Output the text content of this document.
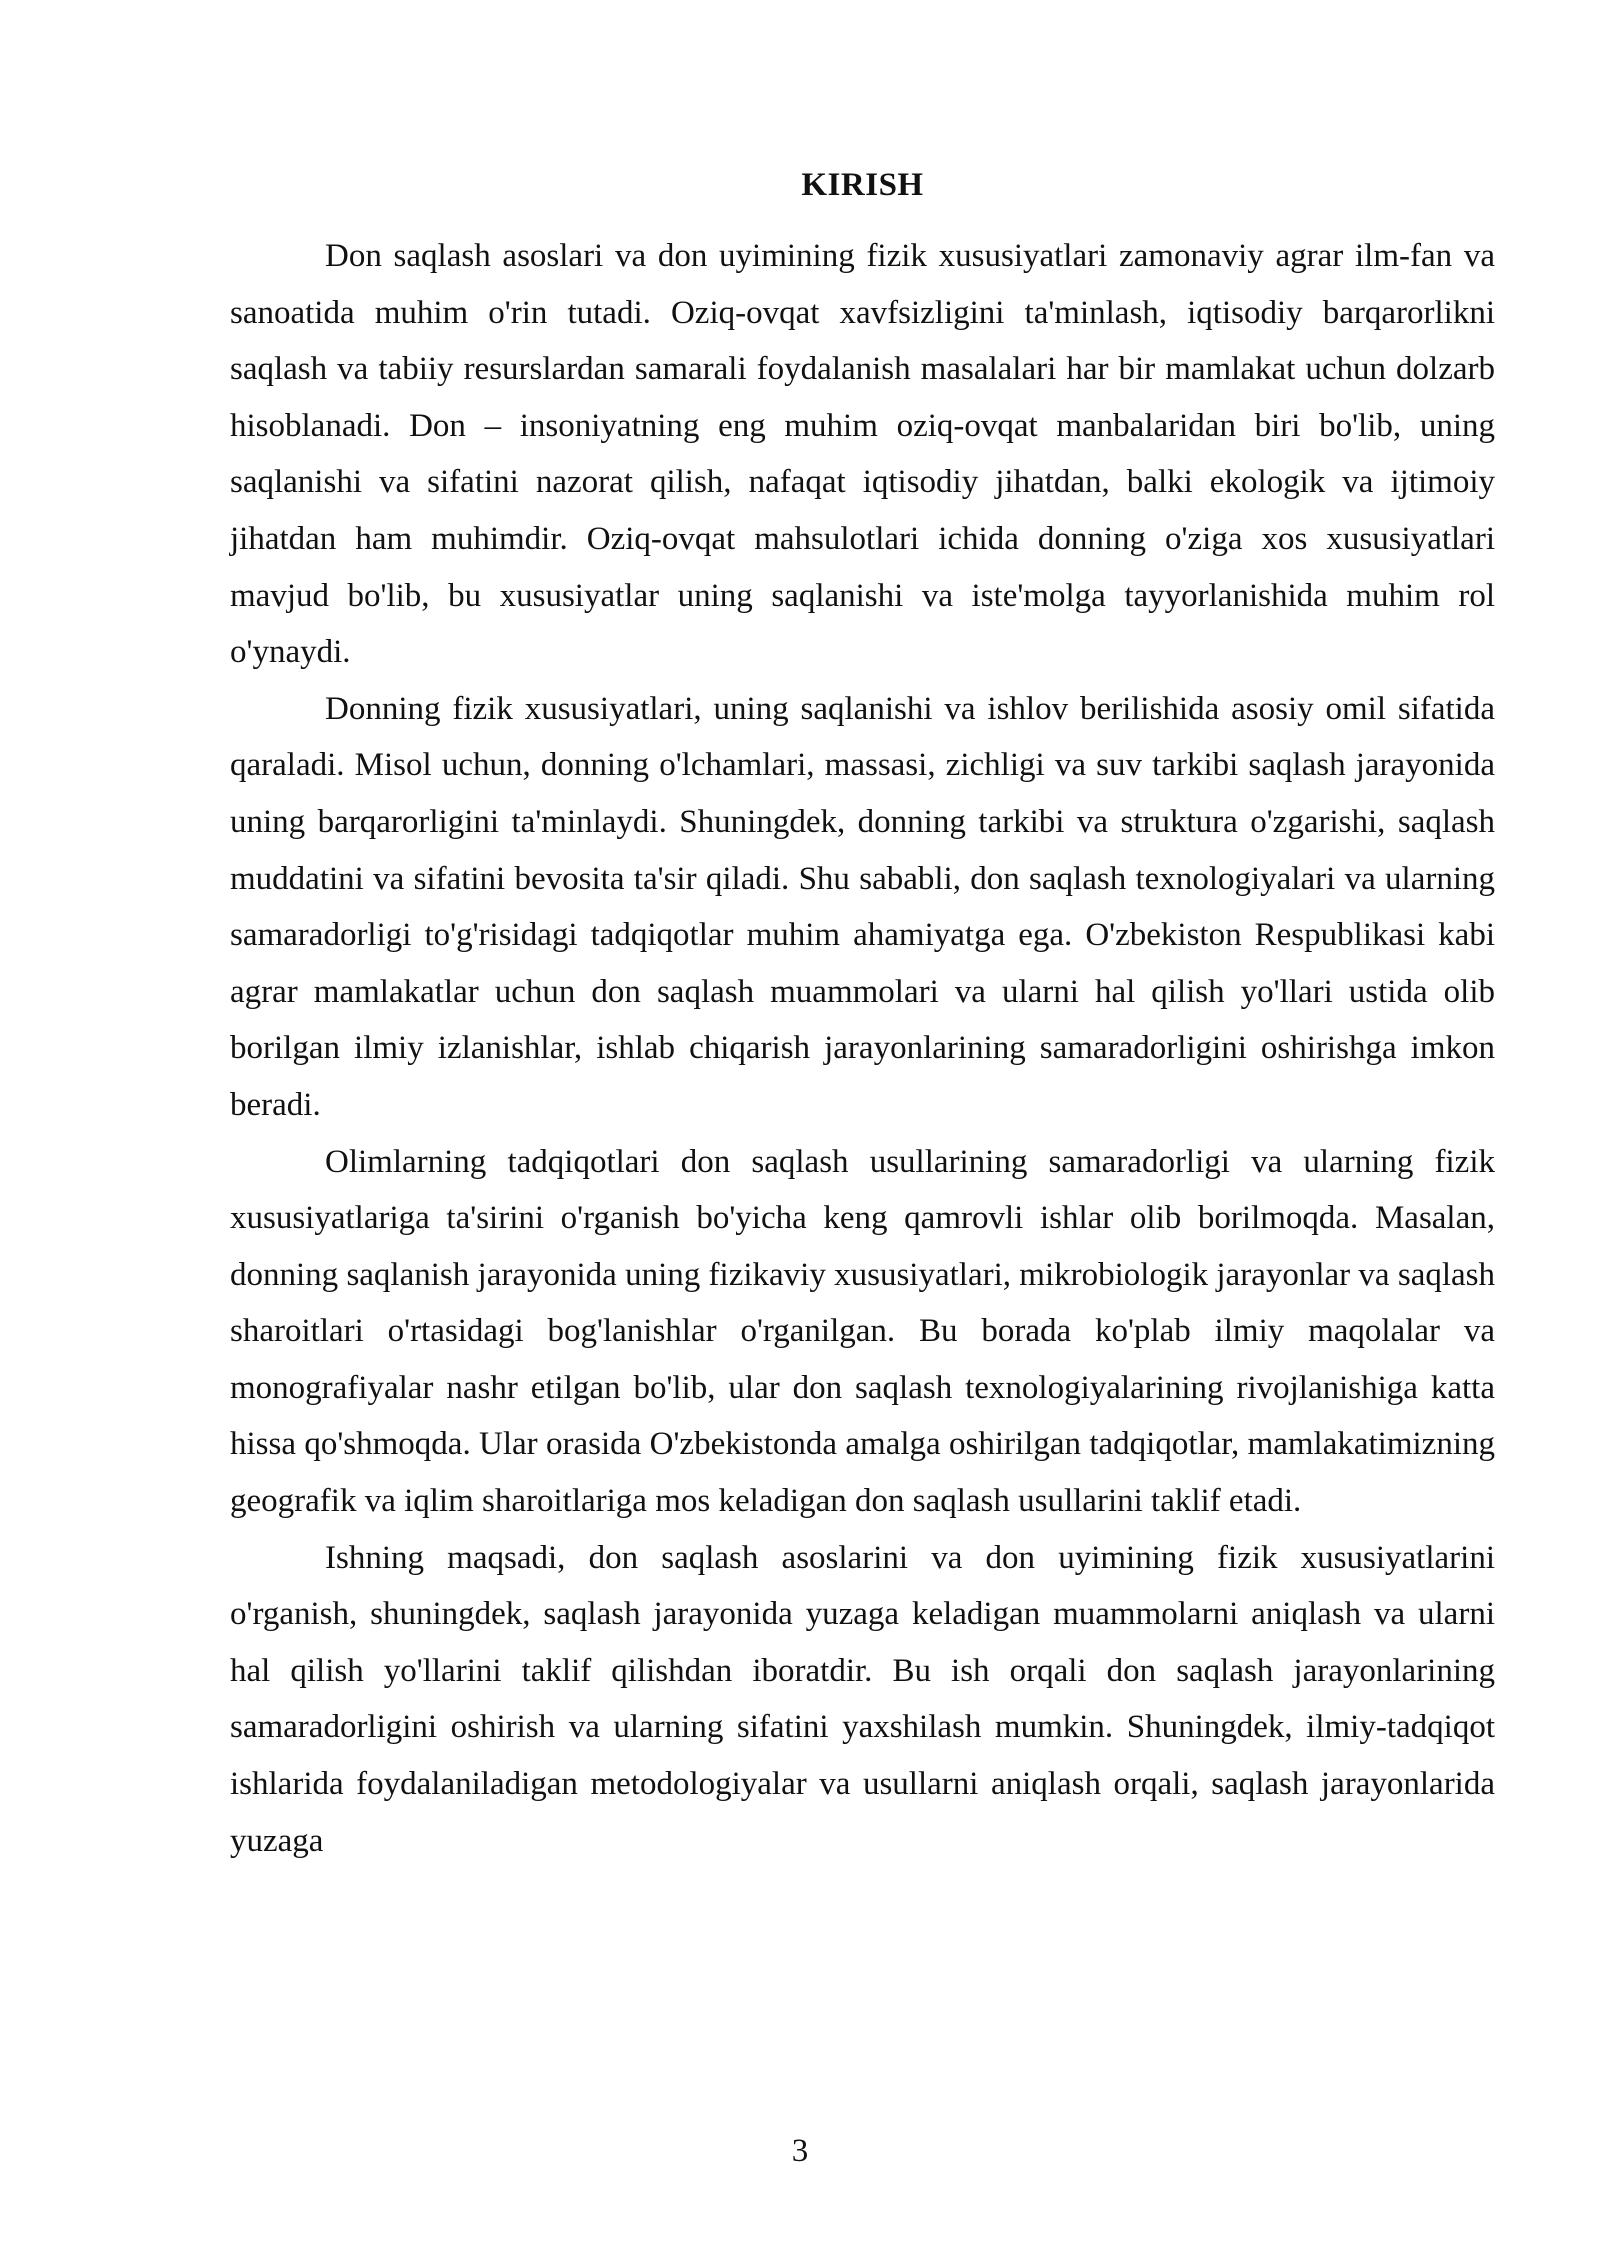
KIRISH

Don saqlash asoslari va don uyimining fizik xususiyatlari zamonaviy agrar ilm-fan va sanoatida muhim o'rin tutadi. Oziq-ovqat xavfsizligini ta'minlash, iqtisodiy barqarorlikni saqlash va tabiiy resurslardan samarali foydalanish masalalari har bir mamlakat uchun dolzarb hisoblanadi. Don – insoniyatning eng muhim oziq-ovqat manbalaridan biri bo'lib, uning saqlanishi va sifatini nazorat qilish, nafaqat iqtisodiy jihatdan, balki ekologik va ijtimoiy jihatdan ham muhimdir. Oziq-ovqat mahsulotlari ichida donning o'ziga xos xususiyatlari mavjud bo'lib, bu xususiyatlar uning saqlanishi va iste'molga tayyorlanishida muhim rol o'ynaydi.

Donning fizik xususiyatlari, uning saqlanishi va ishlov berilishida asosiy omil sifatida qaraladi. Misol uchun, donning o'lchamlari, massasi, zichligi va suv tarkibi saqlash jarayonida uning barqarorligini ta'minlaydi. Shuningdek, donning tarkibi va struktura o'zgarishi, saqlash muddatini va sifatini bevosita ta'sir qiladi. Shu sababli, don saqlash texnologiyalari va ularning samaradorligi to'g'risidagi tadqiqotlar muhim ahamiyatga ega. O'zbekiston Respublikasi kabi agrar mamlakatlar uchun don saqlash muammolari va ularni hal qilish yo'llari ustida olib borilgan ilmiy izlanishlar, ishlab chiqarish jarayonlarining samaradorligini oshirishga imkon beradi.

Olimlarning tadqiqotlari don saqlash usullarining samaradorligi va ularning fizik xususiyatlariga ta'sirini o'rganish bo'yicha keng qamrovli ishlar olib borilmoqda. Masalan, donning saqlanish jarayonida uning fizikaviy xususiyatlari, mikrobiologik jarayonlar va saqlash sharoitlari o'rtasidagi bog'lanishlar o'rganilgan. Bu borada ko'plab ilmiy maqolalar va monografiyalar nashr etilgan bo'lib, ular don saqlash texnologiyalarining rivojlanishiga katta hissa qo'shmoqda. Ular orasida O'zbekistonda amalga oshirilgan tadqiqotlar, mamlakatimizning geografik va iqlim sharoitlariga mos keladigan don saqlash usullarini taklif etadi.

Ishning maqsadi, don saqlash asoslarini va don uyimining fizik xususiyatlarini o'rganish, shuningdek, saqlash jarayonida yuzaga keladigan muammolarni aniqlash va ularni hal qilish yo'llarini taklif qilishdan iboratdir. Bu ish orqali don saqlash jarayonlarining samaradorligini oshirish va ularning sifatini yaxshilash mumkin. Shuningdek, ilmiy-tadqiqot ishlarida foydalaniladigan metodologiyalar va usullarni aniqlash orqali, saqlash jarayonlarida yuzaga

3
